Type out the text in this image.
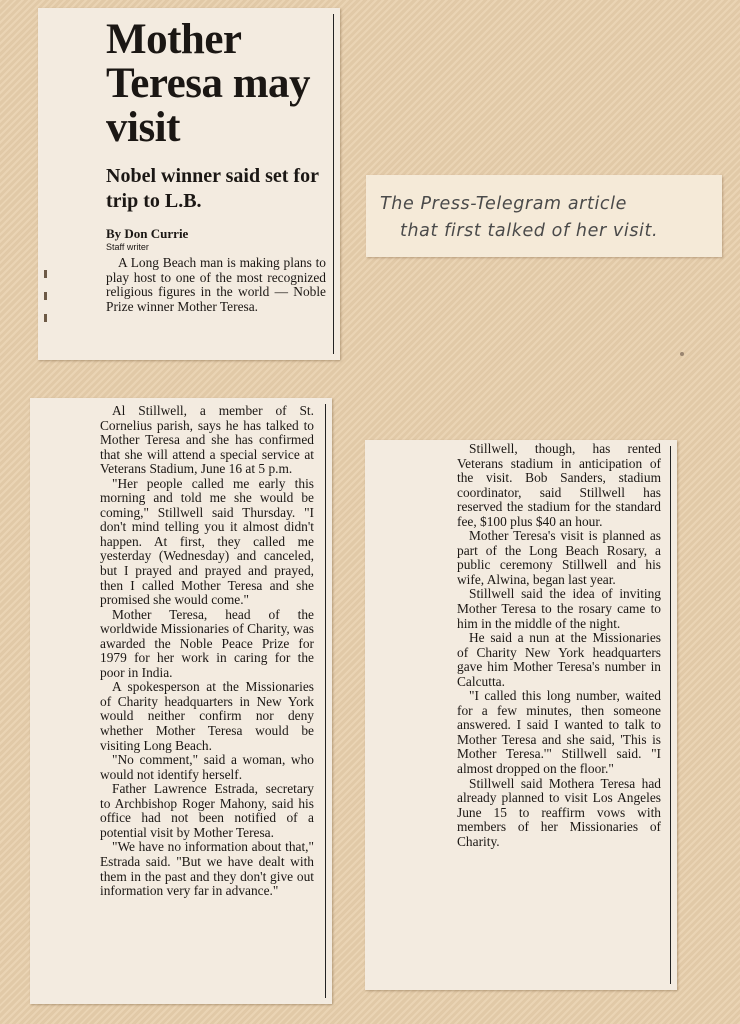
Mother Teresa may visit
Nobel winner said set for trip to L.B.

By Don Currie

Staff writer

A Long Beach man is making plans to play host to one of the most recognized religious figures in the world — Noble Prize winner Mother Teresa.

The Press-Telegram article
that first talked of her visit.

Al Stillwell, a member of St. Cornelius parish, says he has talked to Mother Teresa and she has confirmed that she will attend a special service at Veterans Stadium, June 16 at 5 p.m.

"Her people called me early this morning and told me she would be coming," Stillwell said Thursday. "I don't mind telling you it almost didn't happen. At first, they called me yesterday (Wednesday) and canceled, but I prayed and prayed and prayed, then I called Mother Teresa and she promised she would come."

Mother Teresa, head of the worldwide Missionaries of Charity, was awarded the Noble Peace Prize for 1979 for her work in caring for the poor in India.

A spokesperson at the Missionaries of Charity headquarters in New York would neither confirm nor deny whether Mother Teresa would be visiting Long Beach.

"No comment," said a woman, who would not identify herself.

Father Lawrence Estrada, secretary to Archbishop Roger Mahony, said his office had not been notified of a potential visit by Mother Teresa.

"We have no information about that," Estrada said. "But we have dealt with them in the past and they don't give out information very far in advance."

Stillwell, though, has rented Veterans stadium in anticipation of the visit. Bob Sanders, stadium coordinator, said Stillwell has reserved the stadium for the standard fee, $100 plus $40 an hour.

Mother Teresa's visit is planned as part of the Long Beach Rosary, a public ceremony Stillwell and his wife, Alwina, began last year.

Stillwell said the idea of inviting Mother Teresa to the rosary came to him in the middle of the night.

He said a nun at the Missionaries of Charity New York headquarters gave him Mother Teresa's number in Calcutta.

"I called this long number, waited for a few minutes, then someone answered. I said I wanted to talk to Mother Teresa and she said, 'This is Mother Teresa.'" Stillwell said. "I almost dropped on the floor."

Stillwell said Mothera Teresa had already planned to visit Los Angeles June 15 to reaffirm vows with members of her Missionaries of Charity.
